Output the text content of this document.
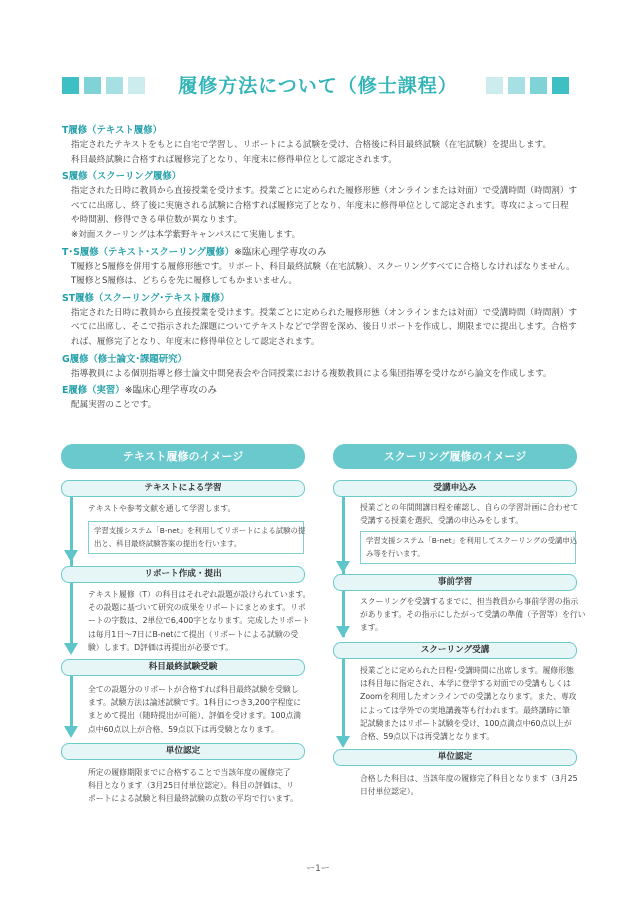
履修方法について（修士課程）
T履修（テキスト履修）

指定されたテキストをもとに自宅で学習し、リポートによる試験を受け、合格後に科目最終試験（在宅試験）を提出します。

科目最終試験に合格すれば履修完了となり、年度末に修得単位として認定されます。

S履修（スクーリング履修）

指定された日時に教員から直接授業を受けます。授業ごとに定められた履修形態（オンラインまたは対面）で受講時間（時間割）す

べてに出席し、終了後に実施される試験に合格すれば履修完了となり、年度末に修得単位として認定されます。専攻によって日程

や時間割、修得できる単位数が異なります。

※対面スクーリングは本学紫野キャンパスにて実施します。

T･S履修（テキスト･スクーリング履修）※臨床心理学専攻のみ

T履修とS履修を併用する履修形態です。リポート、科目最終試験（在宅試験）、スクーリングすべてに合格しなければなりません。

T履修とS履修は、どちらを先に履修してもかまいません。

ST履修（スクーリング･テキスト履修）

指定された日時に教員から直接授業を受けます。授業ごとに定められた履修形態（オンラインまたは対面）で受講時間（時間割）す

べてに出席し、そこで指示された課題についてテキストなどで学習を深め、後日リポートを作成し、期限までに提出します。合格す

れば、履修完了となり、年度末に修得単位として認定されます。

G履修（修士論文･課題研究）

指導教員による個別指導と修士論文中間発表会や合同授業における複数教員による集団指導を受けながら論文を作成します。

E履修（実習）※臨床心理学専攻のみ

配属実習のことです。

テキスト履修のイメージ
テキストによる学習

テキストや参考文献を通して学習します。

学習支援システム「B-net」を利用してリポートによる試験の提

出と、科目最終試験答案の提出を行います。

リポート作成・提出

テキスト履修（T）の科目はそれぞれ設題が設けられています。

その設題に基づいて研究の成果をリポートにまとめます。リポ

ートの字数は、2単位で6,400字となります。完成したリポート

は毎月1日～7日にB-netにて提出（リポートによる試験の受

験）します。D評価は再提出が必要です。

科目最終試験受験

全ての設題分のリポートが合格すれば科目最終試験を受験し

ます。試験方法は論述試験です。1科目につき3,200字程度に

まとめて提出（随時提出が可能）、評価を受けます。100点満

点中60点以上が合格、59点以下は再受験となります。

単位認定

所定の履修期限までに合格することで当該年度の履修完了

科目となります（3月25日付単位認定）。科目の評価は、リ

ポートによる試験と科目最終試験の点数の平均で行います。

スクーリング履修のイメージ
受講申込み

授業ごとの年間開講日程を確認し、自らの学習計画に合わせて

受講する授業を選択、受講の申込みをします。

学習支援システム「B-net」を利用してスクーリングの受講申込

み等を行います。

事前学習

スクーリングを受講するまでに、担当教員から事前学習の指示

があります。その指示にしたがって受講の準備（予習等）を行い

ます。

スクーリング受講

授業ごとに定められた日程･受講時間に出席します。履修形態

は科目毎に指定され、本学に登学する対面での受講もしくは

Zoomを利用したオンラインでの受講となります。また、専攻

によっては学外での実地講義等も行われます。最終講時に筆

記試験またはリポート試験を受け、100点満点中60点以上が

合格、59点以下は再受講となります。

単位認定

合格した科目は、当該年度の履修完了科目となります（3月25

日付単位認定）。

ー1ー
